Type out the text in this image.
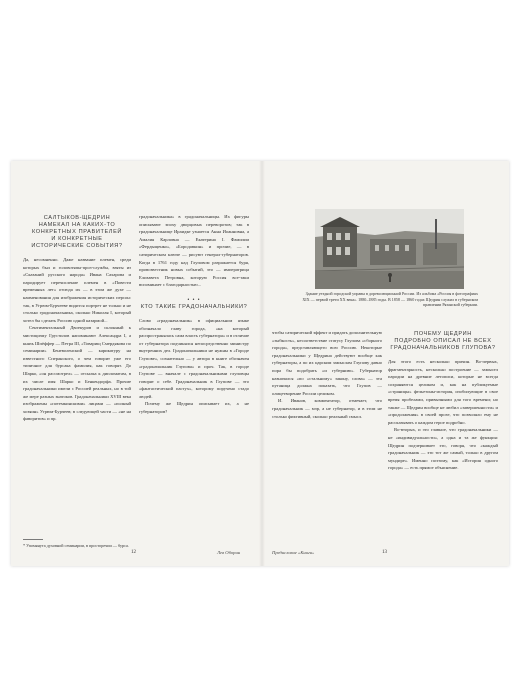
САЛТЫКОВ-ЩЕДРИН
НАМЕКАЛ НА КАКИХ-ТО
КОНКРЕТНЫХ ПРАВИТЕЛЕЙ
И КОНКРЕТНЫЕ
ИСТОРИЧЕСКИЕ СОБЫТИЯ?

Да, несомненно. Даже название племен, среди которых был и головотяпы-проз-службы, взяты из «Сказаний русского народа» Ивана Сахарова и пародирует перечисление племен в «Повести временных лет» отсюда их — в этом же духе — наименования для изображения исторических персон: так, в Угрюм-Бурчееве видится портрет не только и не столько градоначальника, сколько Николая I, который хотел бы сделать Россию одной казармой...

Сентиментальный Двоекуров и склонный к мистицизму Грустилов напоминают Александра I, а князь Шпёффер — Петра III, «Товарищ Смердякова по семинарии» Беневоленский — карикатуру на известного Сперанского, о чем говорит уже его типичное для бурсака фамилия, как говорят. До Шарко, «он рассмотрел» — отсылка к дипломатам, в их числе имя Шарко и Бенкендорфа. Прочие градоначальники имели с Россией реальных, но в той же мере разных знатоков. Градоначальники XVIII века изображены «потемкинскими» лицами — «полный хозяин» Угрюм-Бурчеев; в следующей части — «не на фаворитов» и пр.

градоначальника» в градоначальницы. Их фигуры описывают эпоху дворцовых переворотов; так в градоначальнице Ираидке узнается Анна Иоанновна, а Амалия Карловна — Екатерина I. Фамилии «Фердыщенко», «Бородавкин» и прочие, — в сатирическом ключе — рисуют генерал-губернаторов. Когда в 1761 году над Глуповом разражается буря, провозвестник новых событий, это — императрица Елизавета Петровна, которую Россия все-таки вспоминает с благодарностью...

• • •
КТО ТАКИЕ ГРАДОНАЧАЛЬНИКИ?

Слово «градоначальник» в официальном языке обозначало главу города, «на который распространялась сама власть губернатора» и в отличие от губернатора подчинялся непосредственно министру внутренних дел. Градоначальники не нужны в «Городе Глупове», сознательно — у автора в книге обозначен «градоначальник Глупова» и проч. Так, в городе Глупове — вначале с градоначальниками глуповцы говорят о себе. Градоначальник в Глупове — это «фантастический пастух», которому поручено стадо людей.

Почему же Щедрин описывает их, а не губернаторов?

* Упомянута духовной семинарии, в просторечии — бурса.
12	Лев Оборин
Здание уездной городской управы в дореволюционной России. Из альбома «Россия в фотографиях XIX — первой трети XX века». 1880–1885 годы. В 1858 — 1860 годах Щедрин служил в губернском правлении Рязанской губернии.

чтобы сатирический эффект и придать дополнительную «зыбкость», несоответствие статусу Глупова «сборного города», представляющего всю Россию. Некоторые градоначальники у Щедрина действуют вообще как губернаторы, а по их царским замыслам Глупову давно пора бы подобрать «и губернию». Губернатор назначался «по «стальному» закону, слова» — эта путаница должна показать, что Глупов — олицетворение России целиком.

И. Иванов, комментатор, отмечает, что градоначальник — мэр, а не губернатор, и в этом не столько фиктивный, сколько реальный смысл.

ПОЧЕМУ ЩЕДРИН
ПОДРОБНО ОПИСАЛ НЕ ВСЕХ
ГРАДОНАЧАЛЬНИКОВ ГЛУПОВА?

Для этого есть несколько причин. Во-первых, фрагментарность, несколько построение — замысел пародии на древние летописи, которые не всегда сохраняются целиком и, как на публикуемые «страницы» фельетоны-история, изобилующие в свое время пробелами, привычными для того времени; но также — Щедрин вообще не любил «завершенности» и «продолжения» в своей прозе, что позволяло ему не рассказывать о каждом герое подробно.

Во-вторых, и это главное, что градоначальники — не «индивидуальности», а одна и та же функция: Щедрин подчеркивает это, говоря, что «каждый градоначальник — это тот же самый, только в другом мундире». Именно поэтому, как «История одного города» — есть прямое объяснение.

Предисловие «Книги»	13
